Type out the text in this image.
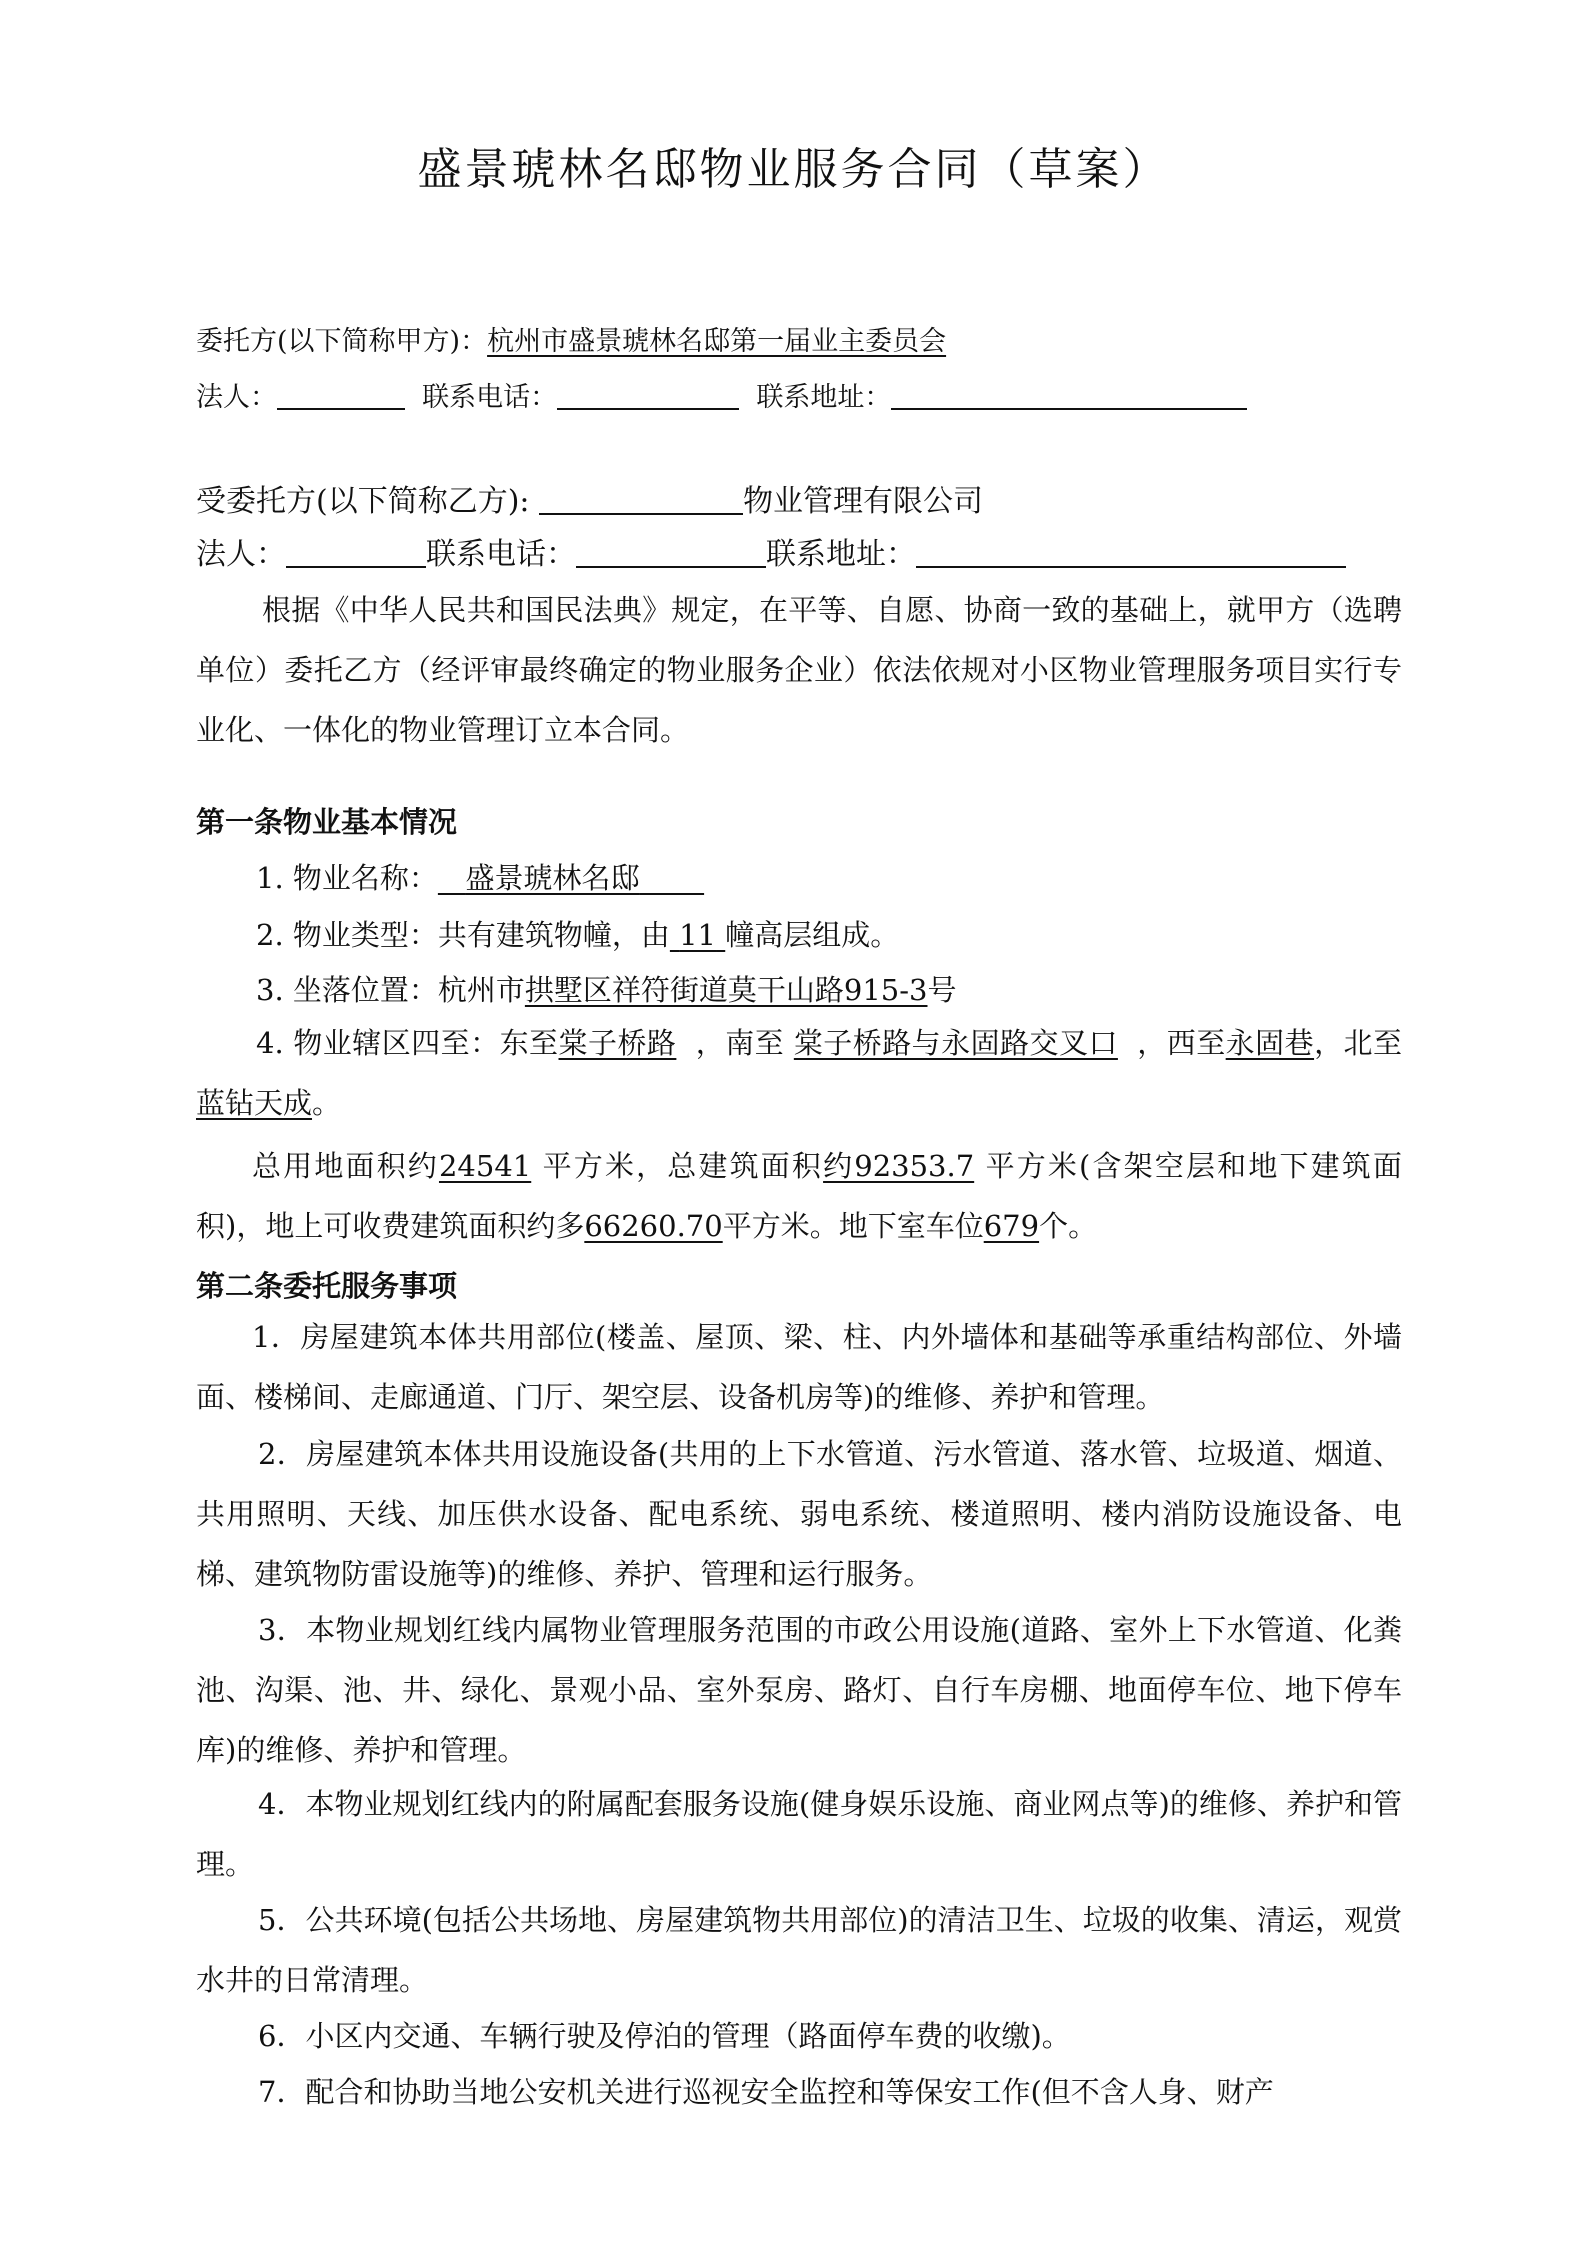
盛景琥林名邸物业服务合同（草案）
委托方(以下简称甲方)：杭州市盛景琥林名邸第一届业主委员会
法人：	联系电话：	联系地址：
受委托方(以下简称乙方):	物业管理有限公司
法人：	联系电话：	联系地址：
根据《中华人民共和国民法典》规定，在平等、自愿、协商一致的基础上，就甲方（选聘单位）委托乙方（经评审最终确定的物业服务企业）依法依规对小区物业管理服务项目实行专业化、一体化的物业管理订立本合同。
第一条物业基本情况
1. 物业名称： 盛景琥林名邸
2. 物业类型：共有建筑物幢，由 11 幢高层组成。
3. 坐落位置：杭州市拱墅区祥符街道莫干山路915-3号
4. 物业辖区四至：东至棠子桥路 ，南至 棠子桥路与永固路交叉口 ，西至永固巷，北至蓝钻天成。
总用地面积约24541 平方米，总建筑面积约92353.7 平方米(含架空层和地下建筑面积)，地上可收费建筑面积约多66260.70平方米。地下室车位679个。
第二条委托服务事项
1．房屋建筑本体共用部位(楼盖、屋顶、梁、柱、内外墙体和基础等承重结构部位、外墙面、楼梯间、走廊通道、门厅、架空层、设备机房等)的维修、养护和管理。
2．房屋建筑本体共用设施设备(共用的上下水管道、污水管道、落水管、垃圾道、烟道、共用照明、天线、加压供水设备、配电系统、弱电系统、楼道照明、楼内消防设施设备、电梯、建筑物防雷设施等)的维修、养护、管理和运行服务。
3．本物业规划红线内属物业管理服务范围的市政公用设施(道路、室外上下水管道、化粪池、沟渠、池、井、绿化、景观小品、室外泵房、路灯、自行车房棚、地面停车位、地下停车库)的维修、养护和管理。
4．本物业规划红线内的附属配套服务设施(健身娱乐设施、商业网点等)的维修、养护和管理。
5．公共环境(包括公共场地、房屋建筑物共用部位)的清洁卫生、垃圾的收集、清运，观赏水井的日常清理。
6．小区内交通、车辆行驶及停泊的管理（路面停车费的收缴)。
7．配合和协助当地公安机关进行巡视安全监控和等保安工作(但不含人身、财产
